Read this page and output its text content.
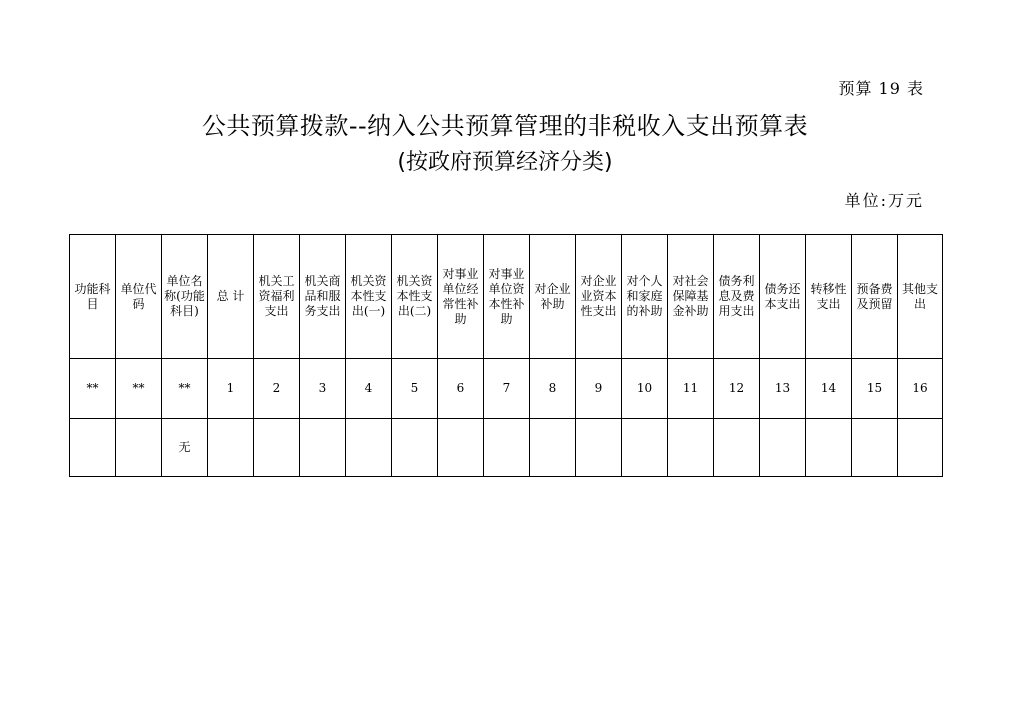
预算 19 表
公共预算拨款--纳入公共预算管理的非税收入支出预算表
(按政府预算经济分类)
单位:万元
功能科目	单位代码	单位名称(功能科目)	总 计	机关工资福利支出	机关商品和服务支出	机关资本性支出(一)	机关资本性支出(二)	对事业单位经常性补助	对事业单位资本性补助	对企业补助	对企业业资本性支出	对个人和家庭的补助	对社会保障基金补助	债务利息及费用支出	债务还本支出	转移性支出	预备费及预留	其他支出
**	**	**	1	2	3	4	5	6	7	8	9	10	11	12	13	14	15	16
		无																
